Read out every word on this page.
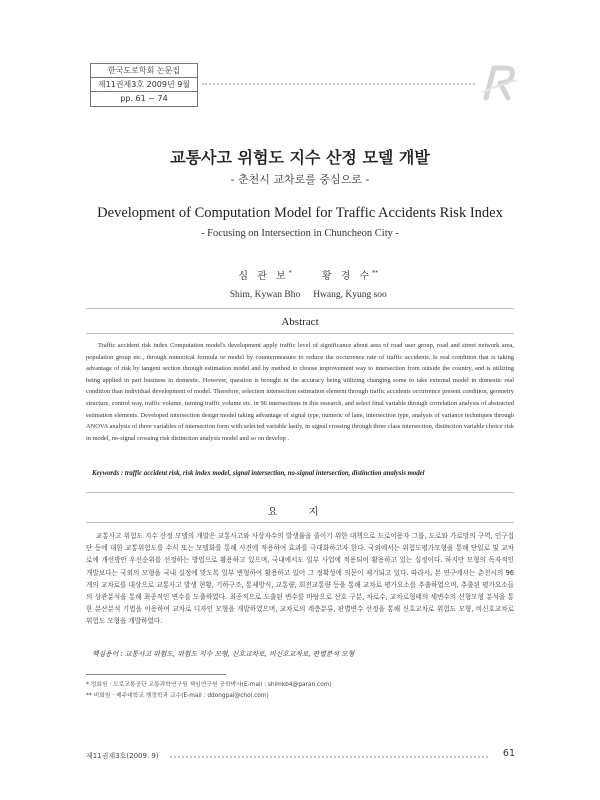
한국도로학회 논문집
제11권제3호 2009년 9월
pp. 61 ~ 74
교통사고 위험도 지수 산정 모델 개발
- 춘천시 교차로를 중심으로 -
Development of Computation Model for Traffic Accidents Risk Index
- Focusing on Intersection in Chuncheon City -
심 관 보*
Shim, Kywan Bho
황 경 수**
Hwang, Kyung soo
Abstract

Traffic accident risk index Computation model's development apply traffic level of significance about area of road user group, road and street network area, population group etc., through numerical formula or model by countermeasure to reduce the occurrence rate of traffic accidents. Is real condition that is taking advantage of risk by tangent section through estimation model and by method to choose improvement way to intersection from outside the country, and is utilizing being applied in part business in domestic. However, question is brought in the accuracy being utilizing changing some to take external model in domestic real condition than individual development of model. Therefore, selection intersection estimation element through traffic accidents occurrence present condition, geometry structure, control way, traffic volume, turning traffic volume etc. in 96 intersections in this research, and select final variable through correlation analysis of abstracted estimation elements. Developed intersection design model taking advantage of signal type, numeric of lane, intersection type, analysis of variance techniques through ANOVA analysis of three variables of intersection form with selected variable lastly, in signal crossing through three class intersection, distinction variable choice risk in model, no-signal crossing risk distinction analysis model and so on develop .

Keywords : traffic accident risk, risk index model, signal intersection, no-signal intersection, distinction analysis model
요 지

교통사고 위험도 지수 산정 모델의 개발은 교통사고와 사상자수의 발생률을 줄이기 위한 대책으로 도로이용자 그룹, 도로와 가로망의 구역, 인구집단 등에 대한 교통위험도를 수식 또는 모델화를 통해 사전에 적용하여 효과를 극대화하고자 한다. 국외에서는 위험도평가모형을 통해 단일로 및 교차로에 개선방안 우선순위를 선정하는 방법으로 활용하고 있으며, 국내에서도 일부 사업에 적용되어 활용하고 있는 실정이다. 하지만 모형의 독자적인 개발보다는 국외의 모형을 국내 실정에 맞도록 일부 변형하여 활용하고 있어 그 정확성에 의문이 제기되고 있다. 따라서, 본 연구에서는 춘천시의 96개의 교차로를 대상으로 교통사고 발생 현황, 기하구조, 통제방식, 교통량, 회전교통량 등을 통해 교차로 평가요소를 추출하였으며, 추출된 평가요소들의 상관분석을 통해 최종적인 변수를 도출하였다. 최종적으로 도출된 변수를 바탕으로 신호 구분, 차로수, 교차로형태의 세변수의 선형모형 분석을 통한 분산분석 기법을 이용하여 교차로 디자인 모형을 개발하였으며, 교차로의 계층분류, 판별변수 선정을 통해 신호교차로 위험도 모형, 비신호교차로 위험도 모형을 개발하였다.

핵심용어 : 교통사고 위험도, 위험도 지수 모형, 신호교차로, 비신호교차로, 판별분석 모형
* 정회원 · 도로교통공단 교통과학연구원 책임연구원 공학박사(E-mail : shimkb4@paran.com)
** 비회원 · 제주대학교 행정학과 교수(E-mail : ddongpal@choi.com)
제11권제3호(2009. 9)	61
